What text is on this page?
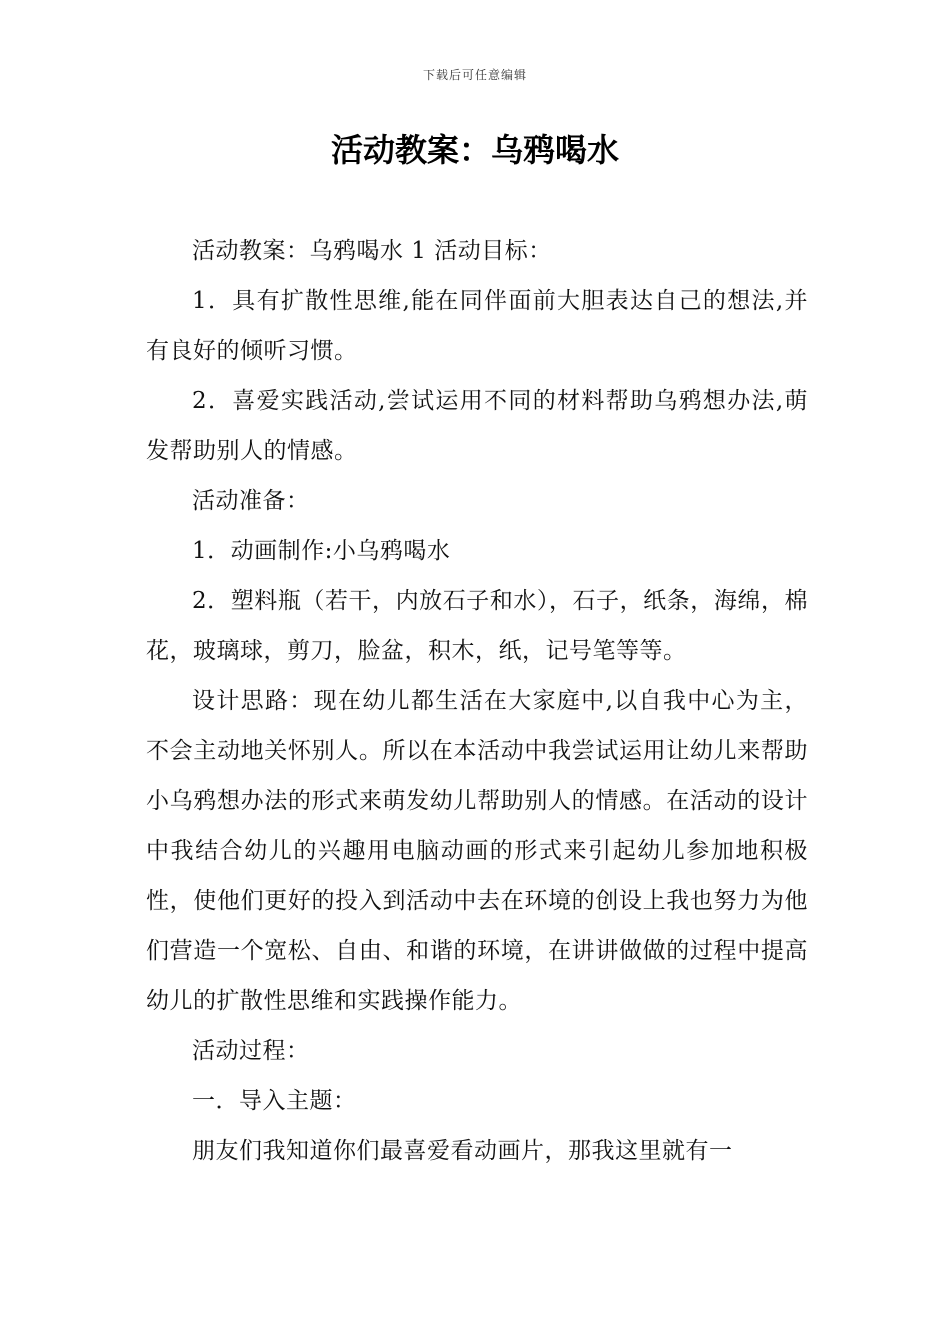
下载后可任意编辑
活动教案：乌鸦喝水

活动教案：乌鸦喝水 1 活动目标：

1．具有扩散性思维,能在同伴面前大胆表达自己的想法,并有良好的倾听习惯。

2．喜爱实践活动,尝试运用不同的材料帮助乌鸦想办法,萌发帮助别人的情感。

活动准备：

1．动画制作:小乌鸦喝水

2．塑料瓶（若干，内放石子和水），石子，纸条，海绵，棉花，玻璃球，剪刀，脸盆，积木，纸，记号笔等等。

设计思路：现在幼儿都生活在大家庭中,以自我中心为主，不会主动地关怀别人。所以在本活动中我尝试运用让幼儿来帮助小乌鸦想办法的形式来萌发幼儿帮助别人的情感。在活动的设计中我结合幼儿的兴趣用电脑动画的形式来引起幼儿参加地积极性，使他们更好的投入到活动中去在环境的创设上我也努力为他们营造一个宽松、自由、和谐的环境，在讲讲做做的过程中提高幼儿的扩散性思维和实践操作能力。

活动过程：

一．导入主题：

朋友们我知道你们最喜爱看动画片，那我这里就有一
